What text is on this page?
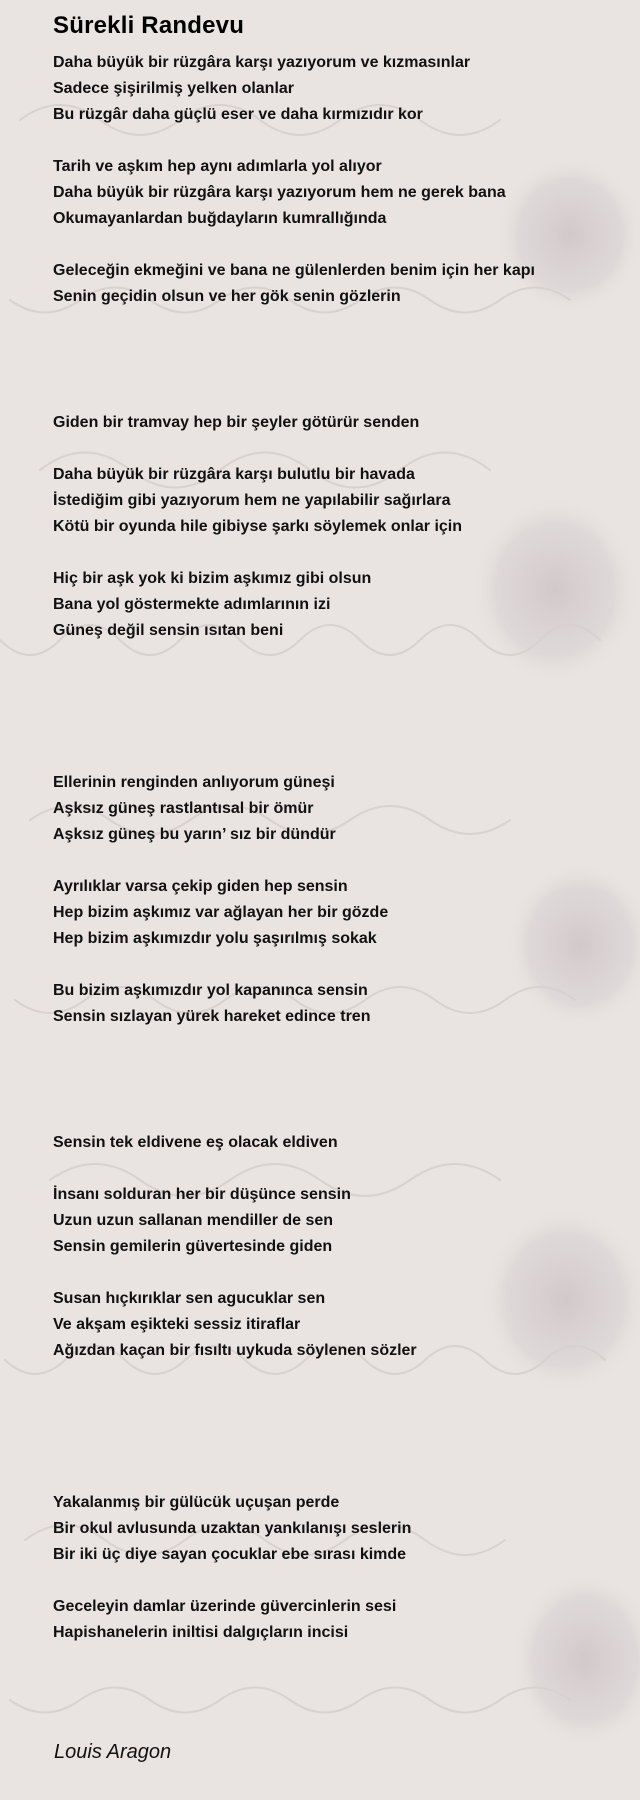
Sürekli Randevu
Daha büyük bir rüzgâra karşı yazıyorum ve kızmasınlar
Sadece şişirilmiş yelken olanlar
Bu rüzgâr daha güçlü eser ve daha kırmızıdır kor
Tarih ve aşkım hep aynı adımlarla yol alıyor
Daha büyük bir rüzgâra karşı yazıyorum hem ne gerek bana
Okumayanlardan buğdayların kumrallığında
Geleceğin ekmeğini ve bana ne gülenlerden benim için her kapı
Senin geçidin olsun ve her gök senin gözlerin
Giden bir tramvay hep bir şeyler götürür senden
Daha büyük bir rüzgâra karşı bulutlu bir havada
İstediğim gibi yazıyorum hem ne yapılabilir sağırlara
Kötü bir oyunda hile gibiyse şarkı söylemek onlar için
Hiç bir aşk yok ki bizim aşkımız gibi olsun
Bana yol göstermekte adımlarının izi
Güneş değil sensin ısıtan beni
Ellerinin renginden anlıyorum güneşi
Aşksız güneş rastlantısal bir ömür
Aşksız güneş bu yarın’ sız bir dündür
Ayrılıklar varsa çekip giden hep sensin
Hep bizim aşkımız var ağlayan her bir gözde
Hep bizim aşkımızdır yolu şaşırılmış sokak
Bu bizim aşkımızdır yol kapanınca sensin
Sensin sızlayan yürek hareket edince tren
Sensin tek eldivene eş olacak eldiven
İnsanı solduran her bir düşünce sensin
Uzun uzun sallanan mendiller de sen
Sensin gemilerin güvertesinde giden
Susan hıçkırıklar sen agucuklar sen
Ve akşam eşikteki sessiz itiraflar
Ağızdan kaçan bir fısıltı uykuda söylenen sözler
Yakalanmış bir gülücük uçuşan perde
Bir okul avlusunda uzaktan yankılanışı seslerin
Bir iki üç diye sayan çocuklar ebe sırası kimde
Geceleyin damlar üzerinde güvercinlerin sesi
Hapishanelerin iniltisi dalgıçların incisi
Louis Aragon
